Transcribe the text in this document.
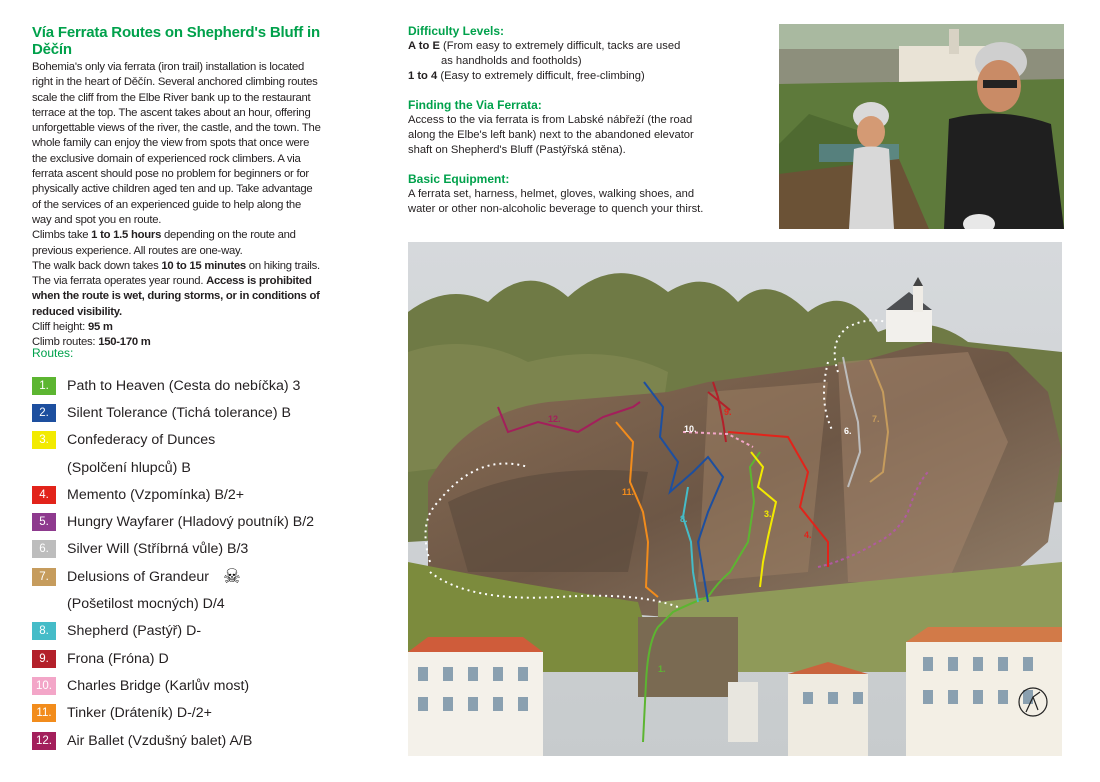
Vía Ferrata Routes on Shepherd's Bluff in Děčín

Bohemia's only via ferrata (iron trail) installation is located right in the heart of Děčín. Several anchored climbing routes scale the cliff from the Elbe River bank up to the restaurant terrace at the top. The ascent takes about an hour, offering unforgettable views of the river, the castle, and the town. The whole family can enjoy the view from spots that once were the exclusive domain of experienced rock climbers. A via ferrata ascent should pose no problem for beginners or for physically active children aged ten and up. Take advantage of the services of an experienced guide to help along the way and spot you en route.

Climbs take 1 to 1.5 hours depending on the route and previous experience. All routes are one-way.

The walk back down takes 10 to 15 minutes on hiking trails.

The via ferrata operates year round. Access is prohibited when the route is wet, during storms, or in conditions of reduced visibility.

Cliff height: 95 m

Climb routes: 150-170 m

Routes:
1.	Path to Heaven (Cesta do nebíčka) 3
2.	Silent Tolerance (Tichá tolerance) B
3.	Confederacy of Dunces
(Spolčení hlupců) B
4.	Memento (Vzpomínka) B/2+
5.	Hungry Wayfarer (Hladový poutník) B/2
6.	Silver Will (Stříbrná vůle) B/3
7.	Delusions of Grandeur ☠
(Pošetilost mocných) D/4
8.	Shepherd (Pastýř) D-
9.	Frona (Fróna) D
10. Charles Bridge (Karlův most)
11.	Tinker (Dráteník) D-/2+
12. Air Ballet (Vzdušný balet) A/B
Difficulty Levels:

A to E (From easy to extremely difficult, tacks are used
as handholds and footholds)
1 to 4 (Easy to extremely difficult, free-climbing)

Finding the Via Ferrata:

Access to the via ferrata is from Labské nábřeží (the road along the Elbe's left bank) next to the abandoned elevator shaft on Shepherd's Bluff (Pastýřská stěna).

Basic Equipment:

A ferrata set, harness, helmet, gloves, walking shoes, and water or other non-alcoholic beverage to quench your thirst.

1.
3.
4.
6.
7.
8.
9.
10.
11.
12.
